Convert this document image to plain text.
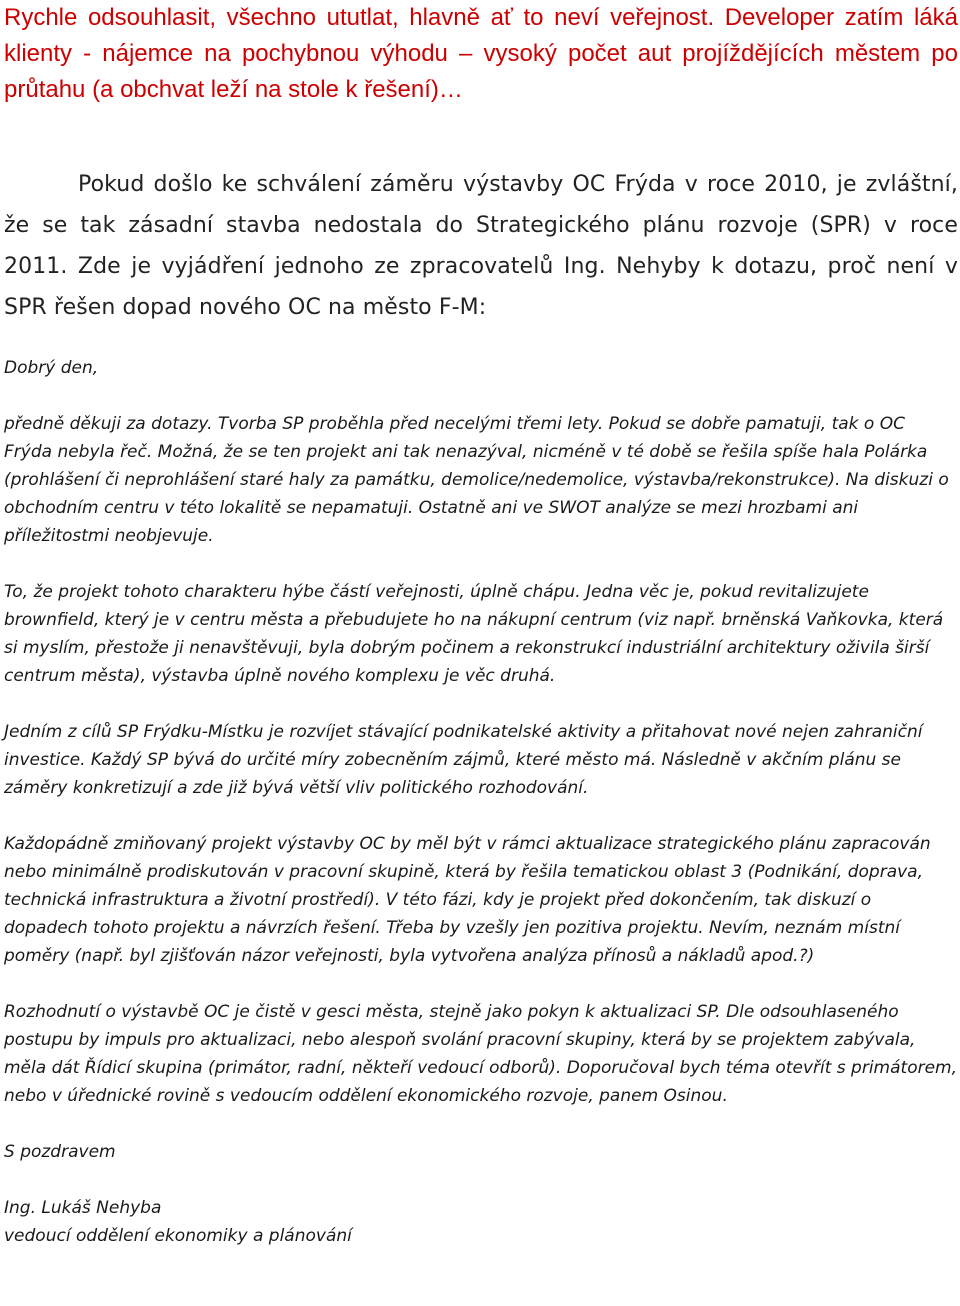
Rychle odsouhlasit, všechno ututlat, hlavně ať to neví veřejnost. Developer zatím láká klienty - nájemce na pochybnou výhodu – vysoký počet aut projíždějících městem po průtahu (a obchvat leží na stole k řešení)…

Pokud došlo ke schválení záměru výstavby OC Frýda v roce 2010, je zvláštní, že se tak zásadní stavba nedostala do Strategického plánu rozvoje (SPR) v roce 2011. Zde je vyjádření jednoho ze zpracovatelů Ing. Nehyby k dotazu, proč není v SPR řešen dopad nového OC na město F-M:

Dobrý den,

předně děkuji za dotazy. Tvorba SP proběhla před necelými třemi lety. Pokud se dobře pamatuji, tak o OC Frýda nebyla řeč. Možná, že se ten projekt ani tak nenazýval, nicméně v té době se řešila spíše hala Polárka (prohlášení či neprohlášení staré haly za památku, demolice/nedemolice, výstavba/rekonstrukce). Na diskuzi o obchodním centru v této lokalitě se nepamatuji. Ostatně ani ve SWOT analýze se mezi hrozbami ani příležitostmi neobjevuje.

To, že projekt tohoto charakteru hýbe částí veřejnosti, úplně chápu. Jedna věc je, pokud revitalizujete brownfield, který je v centru města a přebudujete ho na nákupní centrum (viz např. brněnská Vaňkovka, která si myslím, přestože ji nenavštěvuji, byla dobrým počinem a rekonstrukcí industriální architektury oživila širší centrum města), výstavba úplně nového komplexu je věc druhá.

Jedním z cílů SP Frýdku-Místku je rozvíjet stávající podnikatelské aktivity a přitahovat nové nejen zahraniční investice. Každý SP bývá do určité míry zobecněním zájmů, které město má. Následně v akčním plánu se záměry konkretizují a zde již bývá větší vliv politického rozhodování.

Každopádně zmiňovaný projekt výstavby OC by měl být v rámci aktualizace strategického plánu zapracován nebo minimálně prodiskutován v pracovní skupině, která by řešila tematickou oblast 3 (Podnikání, doprava, technická infrastruktura a životní prostředí). V této fázi, kdy je projekt před dokončením, tak diskuzí o dopadech tohoto projektu a návrzích řešení. Třeba by vzešly jen pozitiva projektu. Nevím, neznám místní poměry (např. byl zjišťován názor veřejnosti, byla vytvořena analýza přínosů a nákladů apod.?)

Rozhodnutí o výstavbě OC je čistě v gesci města, stejně jako pokyn k aktualizaci SP. Dle odsouhlaseného postupu by impuls pro aktualizaci, nebo alespoň svolání pracovní skupiny, která by se projektem zabývala, měla dát Řídicí skupina (primátor, radní, někteří vedoucí odborů). Doporučoval bych téma otevřít s primátorem, nebo v úřednické rovině s vedoucím oddělení ekonomického rozvoje, panem Osinou.

S pozdravem

Ing. Lukáš Nehyba

vedoucí oddělení ekonomiky a plánování
